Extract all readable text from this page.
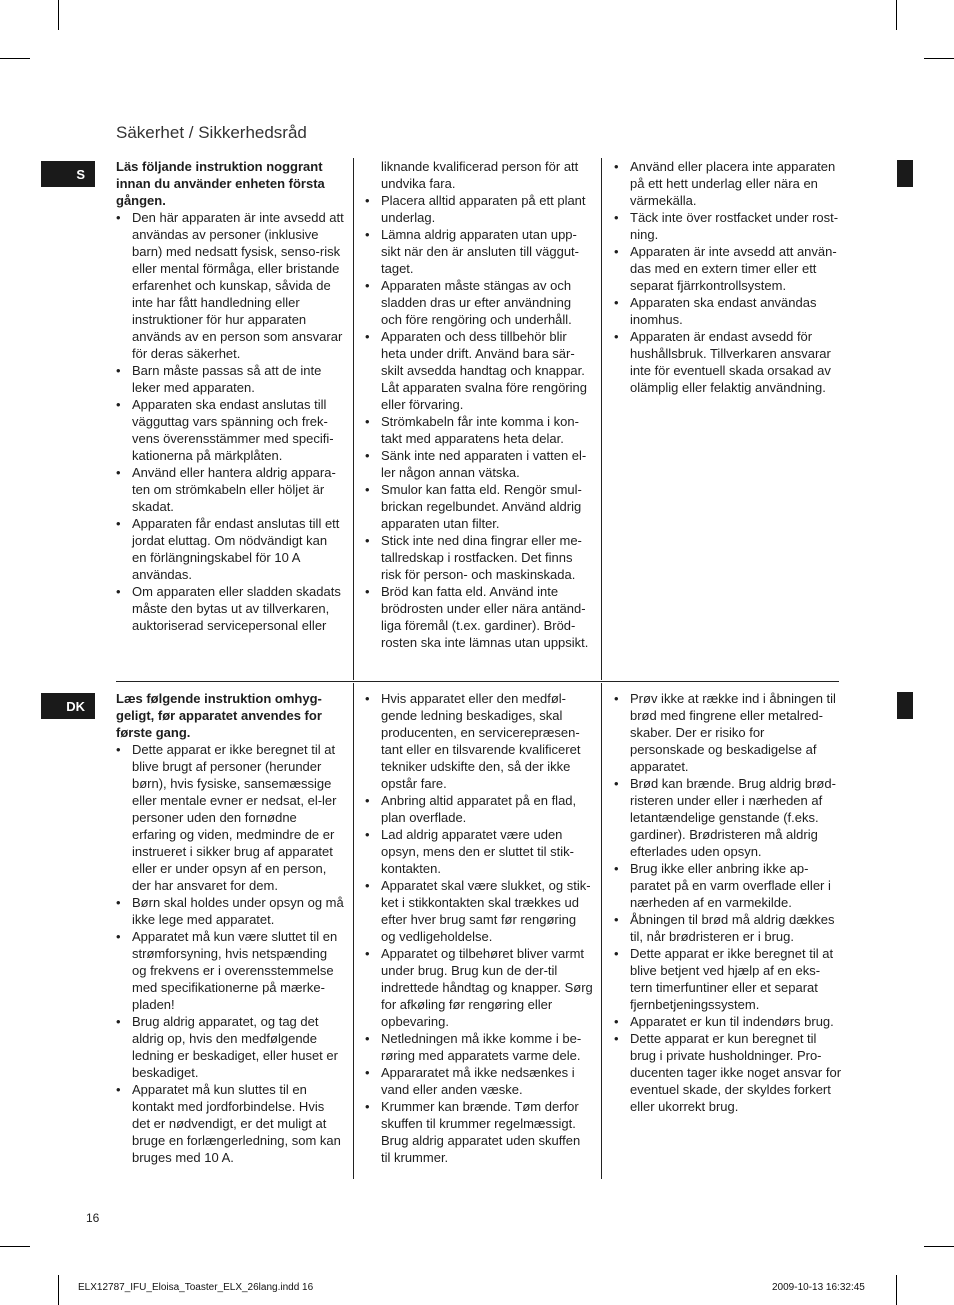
Säkerhet / Sikkerhedsråd
S
DK
Läs följande instruktion noggrant innan du använder enheten första gången.
• Den här apparaten är inte avsedd att användas av personer (inklusive barn) med nedsatt fysisk, senso-risk eller mental förmåga, eller bristande erfarenhet och kunskap, såvida de inte har fått handledning eller instruktioner för hur apparaten används av en person som ansvarar för deras säkerhet.
• Barn måste passas så att de inte leker med apparaten.
• Apparaten ska endast anslutas till vägguttag vars spänning och frek-vens överensstämmer med specifi-kationerna på märkplåten.
• Använd eller hantera aldrig appara-ten om strömkabeln eller höljet är skadat.
• Apparaten får endast anslutas till ett jordat eluttag. Om nödvändigt kan en förlängningskabel för 10 A användas.
• Om apparaten eller sladden skadats måste den bytas ut av tillverkaren, auktoriserad servicepersonal eller
liknande kvalificerad person för att undvika fara.
• Placera alltid apparaten på ett plant underlag.
• Lämna aldrig apparaten utan upp-sikt när den är ansluten till väggut-taget.
• Apparaten måste stängas av och sladden dras ur efter användning och före rengöring och underhåll.
• Apparaten och dess tillbehör blir heta under drift. Använd bara sär-skilt avsedda handtag och knappar. Låt apparaten svalna före rengöring eller förvaring.
• Strömkabeln får inte komma i kon-takt med apparatens heta delar.
• Sänk inte ned apparaten i vatten el-ler någon annan vätska.
• Smulor kan fatta eld. Rengör smul-brickan regelbundet. Använd aldrig apparaten utan filter.
• Stick inte ned dina fingrar eller me-tallredskap i rostfacken. Det finns risk för person- och maskinskada.
• Bröd kan fatta eld. Använd inte brödrosten under eller nära antänd-liga föremål (t.ex. gardiner). Bröd-rosten ska inte lämnas utan uppsikt.
• Använd eller placera inte apparaten på ett hett underlag eller nära en värmekälla.
• Täck inte över rostfacket under rost-ning.
• Apparaten är inte avsedd att använ-das med en extern timer eller ett separat fjärrkontrollsystem.
• Apparaten ska endast användas inomhus.
• Apparaten är endast avsedd för hushållsbruk. Tillverkaren ansvarar inte för eventuell skada orsakad av olämplig eller felaktig användning.
Læs følgende instruktion omhyg-geligt, før apparatet anvendes for første gang.
• Dette apparat er ikke beregnet til at blive brugt af personer (herunder børn), hvis fysiske, sansemæssige eller mentale evner er nedsat, el-ler personer uden den fornødne erfaring og viden, medmindre de er instrueret i sikker brug af apparatet eller er under opsyn af en person, der har ansvaret for dem.
• Børn skal holdes under opsyn og må ikke lege med apparatet.
• Apparatet må kun være sluttet til en strømforsyning, hvis netspænding og frekvens er i overensstemmelse med specifikationerne på mærke-pladen!
• Brug aldrig apparatet, og tag det aldrig op, hvis den medfølgende ledning er beskadiget, eller huset er beskadiget.
• Apparatet må kun sluttes til en kontakt med jordforbindelse. Hvis det er nødvendigt, er det muligt at bruge en forlængerledning, som kan bruges med 10 A.
• Hvis apparatet eller den medføl-gende ledning beskadiges, skal producenten, en servicerepræsen-tant eller en tilsvarende kvalificeret tekniker udskifte den, så der ikke opstår fare.
• Anbring altid apparatet på en flad, plan overflade.
• Lad aldrig apparatet være uden opsyn, mens den er sluttet til stik-kontakten.
• Apparatet skal være slukket, og stik-ket i stikkontakten skal trækkes ud efter hver brug samt før rengøring og vedligeholdelse.
• Apparatet og tilbehøret bliver varmt under brug. Brug kun de der-til indrettede håndtag og knapper. Sørg for afkøling før rengøring eller opbevaring.
• Netledningen må ikke komme i be-røring med apparatets varme dele.
• Appararatet må ikke nedsænkes i vand eller anden væske.
• Krummer kan brænde. Tøm derfor skuffen til krummer regelmæssigt. Brug aldrig apparatet uden skuffen til krummer.
• Prøv ikke at række ind i åbningen til brød med fingrene eller metalred-skaber. Der er risiko for personskade og beskadigelse af apparatet.
• Brød kan brænde. Brug aldrig brød-risteren under eller i nærheden af letantændelige genstande (f.eks. gardiner). Brødristeren må aldrig efterlades uden opsyn.
• Brug ikke eller anbring ikke ap-paratet på en varm overflade eller i nærheden af en varmekilde.
• Åbningen til brød må aldrig dækkes til, når brødristeren er i brug.
• Dette apparat er ikke beregnet til at blive betjent ved hjælp af en eks-tern timerfuntiner eller et separat fjernbetjeningssystem.
• Apparatet er kun til indendørs brug.
• Dette apparat er kun beregnet til brug i private husholdninger. Pro-ducenten tager ikke noget ansvar for eventuel skade, der skyldes forkert eller ukorrekt brug.
16
ELX12787_IFU_Eloisa_Toaster_ELX_26lang.indd 16	2009-10-13 16:32:45
